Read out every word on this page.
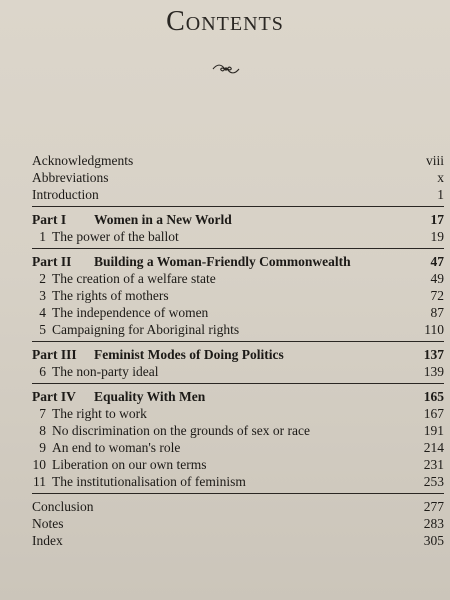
Contents
Acknowledgments	viii
Abbreviations	x
Introduction	1
Part I Women in a New World	17
1 The power of the ballot	19
Part II Building a Woman-Friendly Commonwealth	47
2 The creation of a welfare state	49
3 The rights of mothers	72
4 The independence of women	87
5 Campaigning for Aboriginal rights	110
Part III Feminist Modes of Doing Politics	137
6 The non-party ideal	139
Part IV Equality With Men	165
7 The right to work	167
8 No discrimination on the grounds of sex or race	191
9 An end to woman's role	214
10 Liberation on our own terms	231
11 The institutionalisation of feminism	253
Conclusion	277
Notes	283
Index	305
